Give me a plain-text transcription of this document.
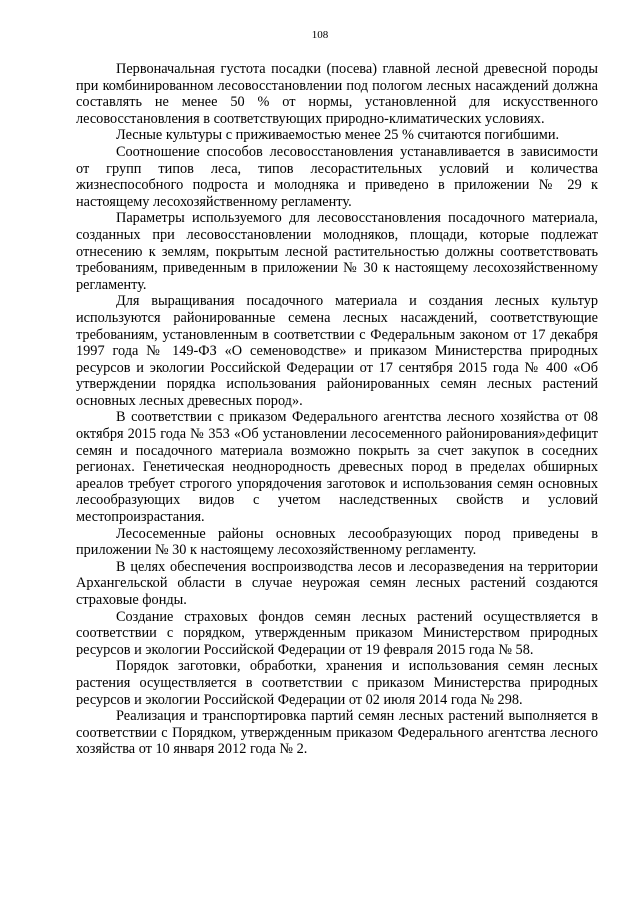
108

Первоначальная густота посадки (посева) главной лесной древесной породы при комбинированном лесовосстановлении под пологом лесных насаждений должна составлять не менее 50 % от нормы, установленной для искусственного лесовосстановления в соответствующих природно-климатических условиях.

Лесные культуры с приживаемостью менее 25 % считаются погибшими.

Соотношение способов лесовосстановления устанавливается в зависимости от групп типов леса, типов лесорастительных условий и количества жизнеспособного подроста и молодняка и приведено в приложении № 29 к настоящему лесохозяйственному регламенту.

Параметры используемого для лесовосстановления посадочного материала, созданных при лесовосстановлении молодняков, площади, которые подлежат отнесению к землям, покрытым лесной растительностью должны соответствовать требованиям, приведенным в приложении № 30 к настоящему лесохозяйственному регламенту.

Для выращивания посадочного материала и создания лесных культур используются районированные семена лесных насаждений, соответствующие требованиям, установленным в соответствии с Федеральным законом от 17 декабря 1997 года № 149-ФЗ «О семеноводстве» и приказом Министерства природных ресурсов и экологии Российской Федерации от 17 сентября 2015 года № 400 «Об утверждении порядка использования районированных семян лесных растений основных лесных древесных пород».

В соответствии с приказом Федерального агентства лесного хозяйства от 08 октября 2015 года № 353 «Об установлении лесосеменного районирования»дефицит семян и посадочного материала возможно покрыть за счет закупок в соседних регионах. Генетическая неоднородность древесных пород в пределах обширных ареалов требует строгого упорядочения заготовок и использования семян основных лесообразующих видов с учетом наследственных свойств и условий местопроизрастания.

Лесосеменные районы основных лесообразующих пород приведены в приложении № 30 к настоящему лесохозяйственному регламенту.

В целях обеспечения воспроизводства лесов и лесоразведения на территории Архангельской области в случае неурожая семян лесных растений создаются страховые фонды.

Создание страховых фондов семян лесных растений осуществляется в соответствии с порядком, утвержденным приказом Министерством природных ресурсов и экологии Российской Федерации от 19 февраля 2015 года № 58.

Порядок заготовки, обработки, хранения и использования семян лесных растения осуществляется в соответствии с приказом Министерства природных ресурсов и экологии Российской Федерации от 02 июля 2014 года № 298.

Реализация и транспортировка партий семян лесных растений выполняется в соответствии с Порядком, утвержденным приказом Федерального агентства лесного хозяйства от 10 января 2012 года № 2.
